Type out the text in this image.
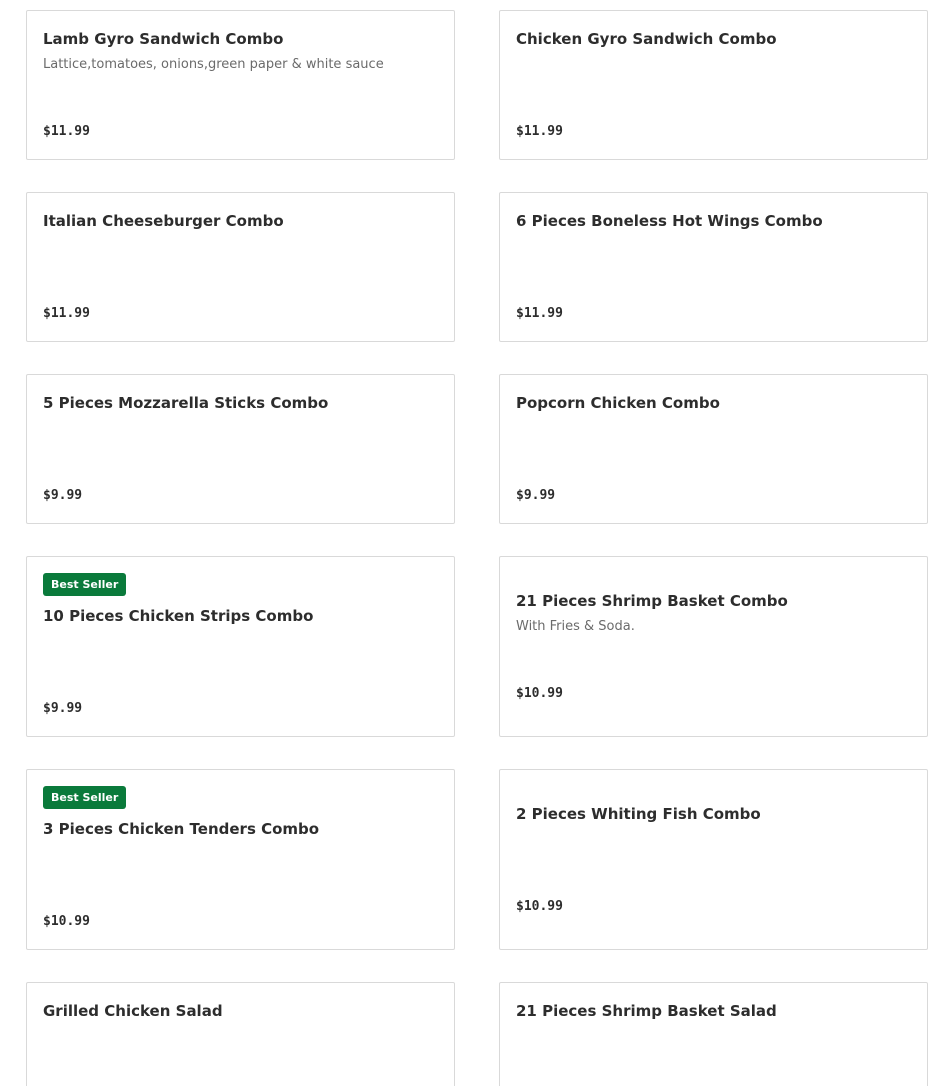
Lamb Gyro Sandwich Combo
Lattice,tomatoes, onions,green paper & white sauce
$11.99
Chicken Gyro Sandwich Combo
$11.99
Italian Cheeseburger Combo
$11.99
6 Pieces Boneless Hot Wings Combo
$11.99
5 Pieces Mozzarella Sticks Combo
$9.99
Popcorn Chicken Combo
$9.99
Best Seller
10 Pieces Chicken Strips Combo
$9.99
21 Pieces Shrimp Basket Combo
With Fries & Soda.
$10.99
Best Seller
3 Pieces Chicken Tenders Combo
$10.99
2 Pieces Whiting Fish Combo
$10.99
Grilled Chicken Salad	21 Pieces Shrimp Basket Salad
